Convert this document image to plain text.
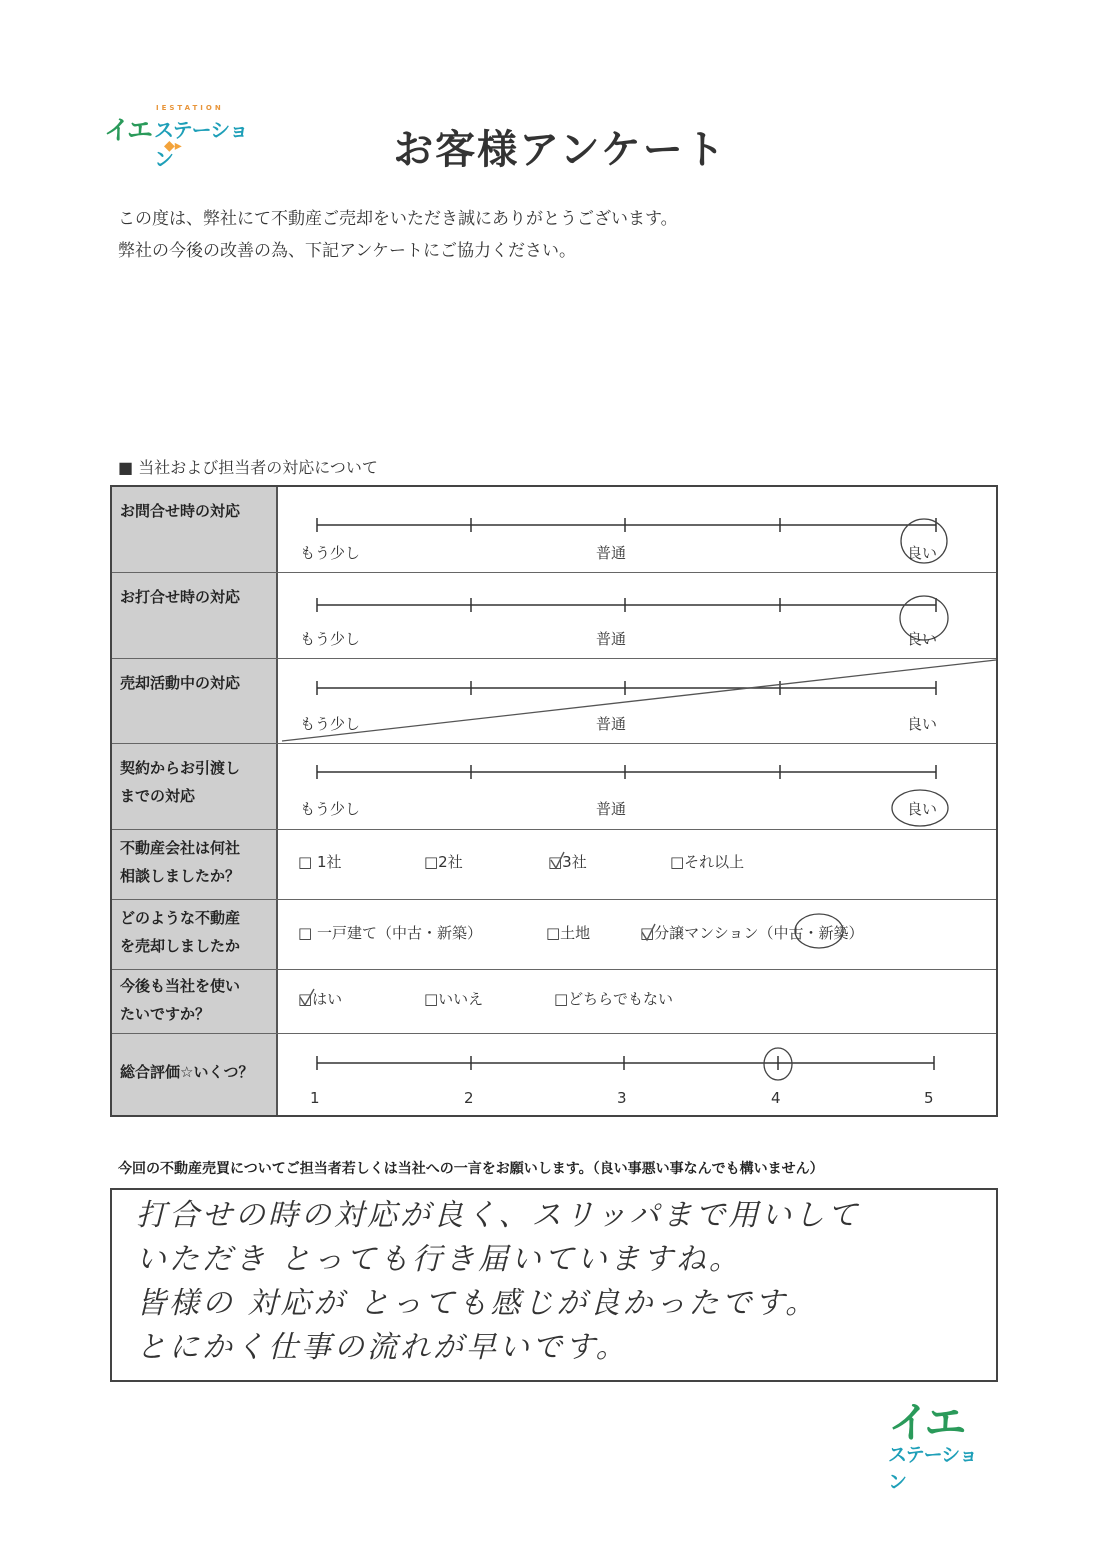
IESTATION
イエ ステーション
◆▸	お客様アンケート
この度は、弊社にて不動産ご売却をいただき誠にありがとうございます。
弊社の今後の改善の為、下記アンケートにご協力ください。
■ 当社および担当者の対応について
お問合せ時の対応
もう少し	普通	良い
お打合せ時の対応
もう少し	普通	良い
売却活動中の対応
もう少し	普通	良い
契約からお引渡し
までの対応
もう少し	普通	良い
不動産会社は何社
相談しましたか？
□ 1社	□2社	□3社	□それ以上
どのような不動産
を売却しましたか
□ 一戸建て（中古・新築）	□土地	□分譲マンション（中古・新築）
今後も当社を使い
たいですか？
□はい	□いいえ	□どちらでもない
総合評価☆いくつ？
1	2	3	4	5
今回の不動産売買についてご担当者若しくは当社への一言をお願いします。（良い事悪い事なんでも構いません）
打合せの時の対応が良く、スリッパまで用いして
いただき とっても行き届いていますね。
皆様の 対応が とっても感じが良かったです。
とにかく仕事の流れが早いです。
イエ
ステーション
